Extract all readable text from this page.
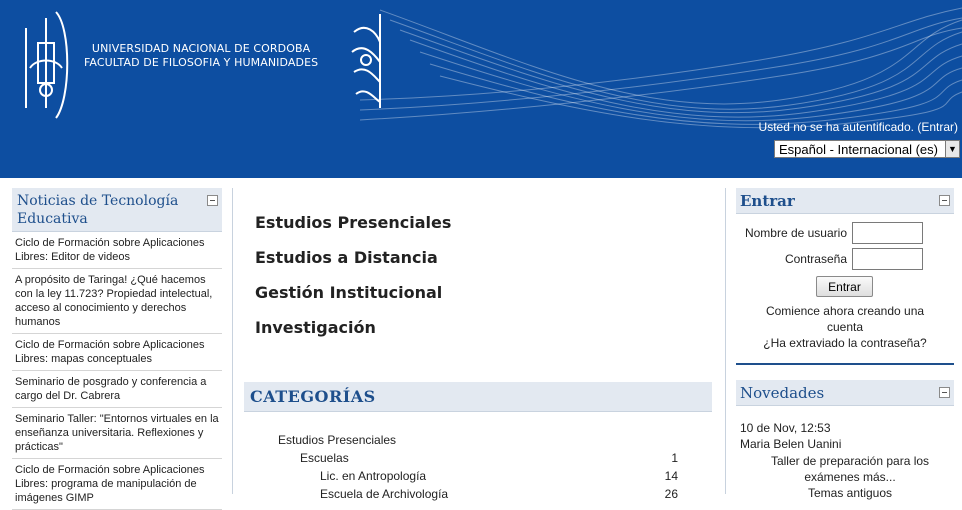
UNIVERSIDAD NACIONAL DE CORDOBA
FACULTAD DE FILOSOFIA Y HUMANIDADES
Usted no se ha autentificado. (Entrar)
Español - Internacional (es)	▼
Noticias de Tecnología Educativa
Ciclo de Formación sobre Aplicaciones Libres: Editor de videos
A propósito de Taringa! ¿Qué hacemos con la ley 11.723? Propiedad intelectual, acceso al conocimiento y derechos humanos
Ciclo de Formación sobre Aplicaciones Libres: mapas conceptuales
Seminario de posgrado y conferencia a cargo del Dr. Cabrera
Seminario Taller: "Entornos virtuales en la enseñanza universitaria. Reflexiones y prácticas"
Ciclo de Formación sobre Aplicaciones Libres: programa de manipulación de imágenes GIMP
Estudios Presenciales
Estudios a Distancia
Gestión Institucional
Investigación
CATEGORÍAS
Estudios Presenciales
Escuelas	1
Lic. en Antropología	14
Escuela de Archivología	26
Entrar
Nombre de usuario
Contraseña
Entrar
Comience ahora creando una cuenta
¿Ha extraviado la contraseña?
Novedades
10 de Nov, 12:53
Maria Belen Uanini
Taller de preparación para los exámenes más...
Temas antiguos
